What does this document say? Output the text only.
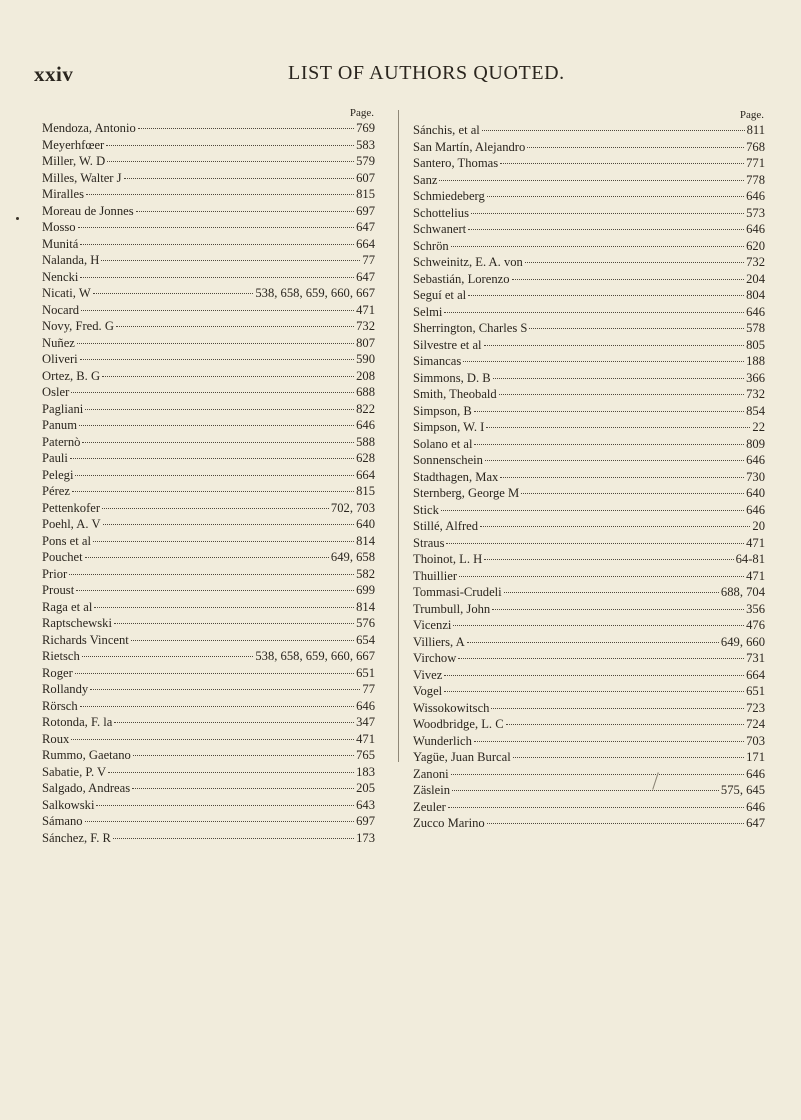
xxiv	LIST OF AUTHORS QUOTED.
Page.
Mendoza, Antonio	769
Meyerhfœer	583
Miller, W. D	579
Milles, Walter J	607
Miralles	815
Moreau de Jonnes	697
Mosso	647
Munitá	664
Nalanda, H	77
Nencki	647
Nicati, W	538, 658, 659, 660, 667
Nocard	471
Novy, Fred. G	732
Nuñez	807
Oliveri	590
Ortez, B. G	208
Osler	688
Pagliani	822
Panum	646
Paternò	588
Pauli	628
Pelegi	664
Pérez	815
Pettenkofer	702, 703
Poehl, A. V	640
Pons et al	814
Pouchet	649, 658
Prior	582
Proust	699
Raga et al	814
Raptschewski	576
Richards Vincent	654
Rietsch	538, 658, 659, 660, 667
Roger	651
Rollandy	77
Rörsch	646
Rotonda, F. la	347
Roux	471
Rummo, Gaetano	765
Sabatie, P. V	183
Salgado, Andreas	205
Salkowski	643
Sámano	697
Sánchez, F. R	173
Page.
Sánchis, et al	811
San Martín, Alejandro	768
Santero, Thomas	771
Sanz	778
Schmiedeberg	646
Schottelius	573
Schwanert	646
Schrön	620
Schweinitz, E. A. von	732
Sebastián, Lorenzo	204
Seguí et al	804
Selmi	646
Sherrington, Charles S	578
Silvestre et al	805
Simancas	188
Simmons, D. B	366
Smith, Theobald	732
Simpson, B	854
Simpson, W. I	22
Solano et al	809
Sonnenschein	646
Stadthagen, Max	730
Sternberg, George M	640
Stick	646
Stillé, Alfred	20
Straus	471
Thoinot, L. H	64-81
Thuillier	471
Tommasi-Crudeli	688, 704
Trumbull, John	356
Vicenzi	476
Villiers, A	649, 660
Virchow	731
Vivez	664
Vogel	651
Wissokowitsch	723
Woodbridge, L. C	724
Wunderlich	703
Yagüe, Juan Burcal	171
Zanoni	646
Zäslein	575, 645
Zeuler	646
Zucco Marino	647
